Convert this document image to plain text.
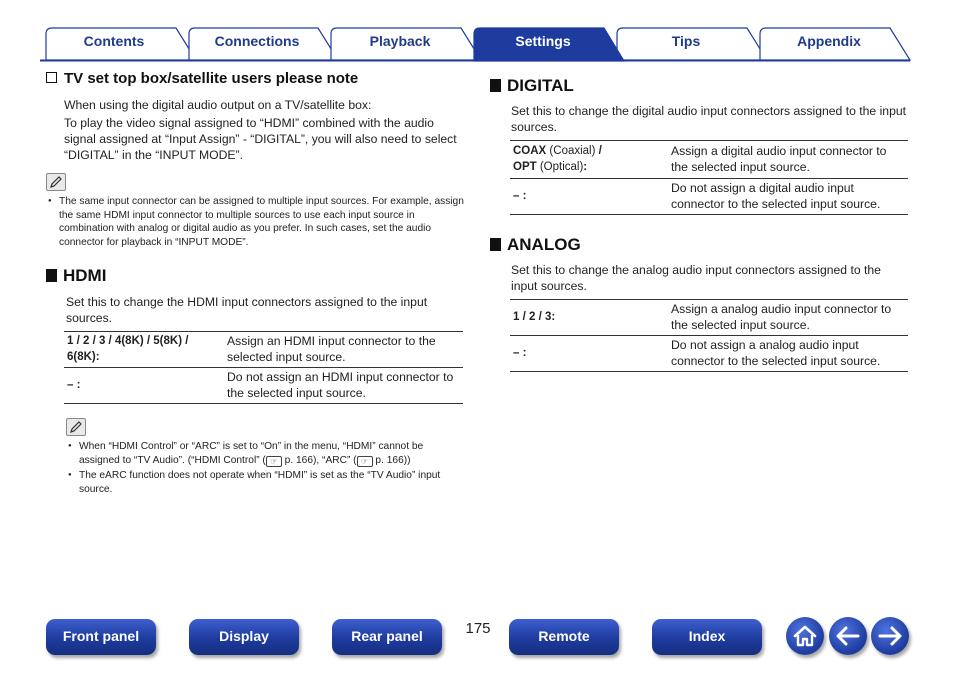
Contents	Connections	Playback	Settings	Tips	Appendix
TV set top box/satellite users please note
When using the digital audio output on a TV/satellite box:
To play the video signal assigned to “HDMI” combined with the audio signal assigned at “Input Assign” - “DIGITAL”, you will also need to select “DIGITAL” in the “INPUT MODE”.
● The same input connector can be assigned to multiple input sources. For example, assign the same HDMI input connector to multiple sources to use each input source in combination with analog or digital audio as you prefer. In such cases, set the audio connector for playback in “INPUT MODE”.
HDMI
Set this to change the HDMI input connectors assigned to the input sources.
1 / 2 / 3 / 4(8K) / 5(8K) / 6(8K):	Assign an HDMI input connector to the selected input source.
– :	Do not assign an HDMI input connector to the selected input source.
● When “HDMI Control” or “ARC” is set to “On” in the menu, “HDMI” cannot be assigned to “TV Audio”. (“HDMI Control” ( ☞ p. 166), “ARC” ( ☞ p. 166))
● The eARC function does not operate when “HDMI” is set as the “TV Audio” input source.
DIGITAL
Set this to change the digital audio input connectors assigned to the input sources.
COAX (Coaxial) /
OPT (Optical):	Assign a digital audio input connector to the selected input source.
– :	Do not assign a digital audio input connector to the selected input source.
ANALOG
Set this to change the analog audio input connectors assigned to the input sources.
1 / 2 / 3:	Assign a analog audio input connector to the selected input source.
– :	Do not assign a analog audio input connector to the selected input source.
Front panel	Display	Rear panel	175	Remote	Index
